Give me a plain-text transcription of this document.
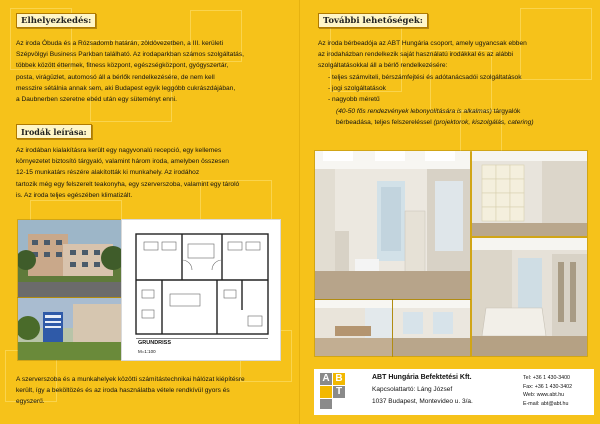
Elhelyezkedés:
Az iroda Óbuda és a Rózsadomb határán, zöldövezetben, a III. kerületi
Szépvölgyi Business Parkban található. Az irodaparkban számos szolgáltatás,
többek között éttermek, fitness központ, egészségközpont, gyógyszertár,
posta, virágüzlet, automosó áll a bérlők rendelkezésére, de nem kell
messzire sétálnia annak sem, aki Budapest egyik leggóbb cukrászdájában,
a Daubnerben szeretne ebéd után egy süteményt enni.
Irodák leírása:
Az irodában kialakításra került egy nagyvonalú recepció, egy kellemes
környezetet biztosító tárgyaló, valamint három iroda, amelyben összesen
12-15 munkatárs részére alakították ki munkahely. Az irodához
tartozik még egy felszerelt teakonyha, egy szerverszoba, valamint egy tároló
is. Az iroda teljes egészében klimatizált.
GRUNDRISS
M=1:100
A szerverszoba és a munkahelyek közötti számítástechnikai hálózat kiépítésre
került, így a beköltözés és az iroda használatba vétele rendkívül gyors és
egyszerű.
További lehetőségek:
Az iroda bérbeadója az ABT Hungária csoport, amely ugyancsak ebben
az irodaházban rendelkezik saját használatú irodákkal és az alábbi
szolgáltatásokkal áll a bérlő rendelkezésére:
- teljes számviteli, bérszámfejtési és adótanácsadói szolgáltatások
- jogi szolgáltatások
- nagyobb méretű
(40-50 fős rendezvények lebonyolítására is alkalmas) tárgyalók
bérbeadása, teljes felszereléssel (projektorok, kiszolgálás, catering)
A B
T
ABT Hungária Befektetési Kft.
Kapcsolattartó: Láng József
1037 Budapest, Montevideo u. 3/a.
Tel: +36 1 430-3400
Fax: +36 1 430-3402
Web: www.abt.hu
E-mail: abt@abt.hu
